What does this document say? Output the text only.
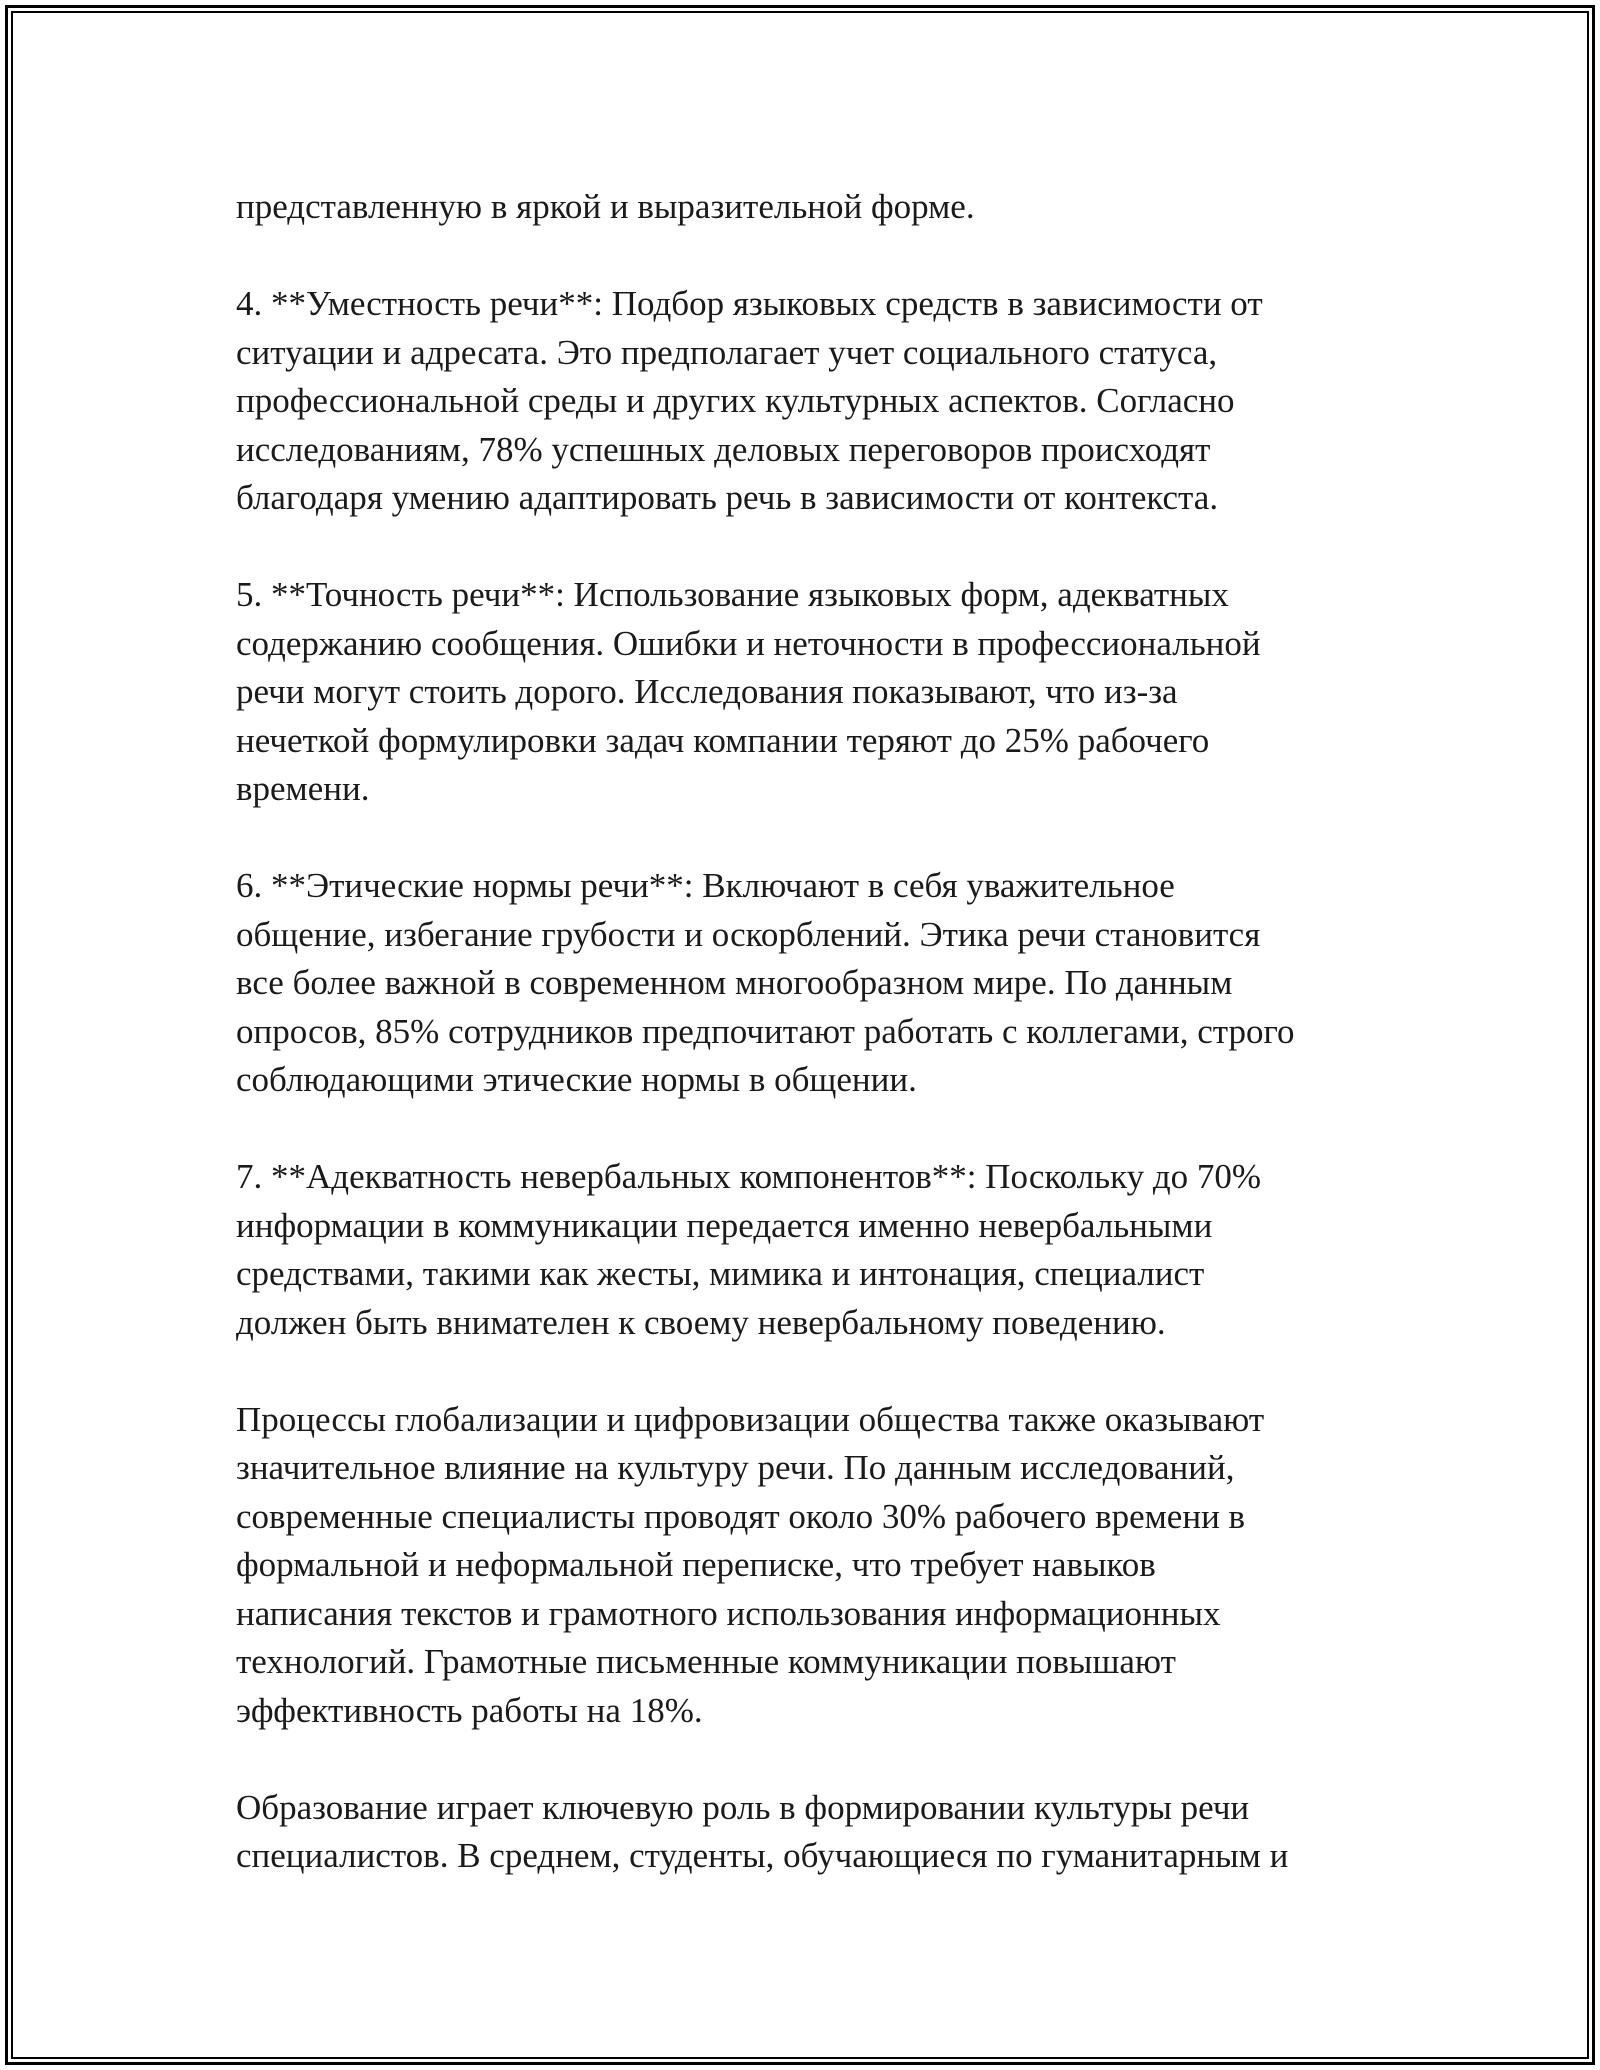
представленную в яркой и выразительной форме.

4. **Уместность речи**: Подбор языковых средств в зависимости от
ситуации и адресата. Это предполагает учет социального статуса,
профессиональной среды и других культурных аспектов. Согласно
исследованиям, 78% успешных деловых переговоров происходят
благодаря умению адаптировать речь в зависимости от контекста.

5. **Точность речи**: Использование языковых форм, адекватных
содержанию сообщения. Ошибки и неточности в профессиональной
речи могут стоить дорого. Исследования показывают, что из-за
нечеткой формулировки задач компании теряют до 25% рабочего
времени.

6. **Этические нормы речи**: Включают в себя уважительное
общение, избегание грубости и оскорблений. Этика речи становится
все более важной в современном многообразном мире. По данным
опросов, 85% сотрудников предпочитают работать с коллегами, строго
соблюдающими этические нормы в общении.

7. **Адекватность невербальных компонентов**: Поскольку до 70%
информации в коммуникации передается именно невербальными
средствами, такими как жесты, мимика и интонация, специалист
должен быть внимателен к своему невербальному поведению.

Процессы глобализации и цифровизации общества также оказывают
значительное влияние на культуру речи. По данным исследований,
современные специалисты проводят около 30% рабочего времени в
формальной и неформальной переписке, что требует навыков
написания текстов и грамотного использования информационных
технологий. Грамотные письменные коммуникации повышают
эффективность работы на 18%.

Образование играет ключевую роль в формировании культуры речи
специалистов. В среднем, студенты, обучающиеся по гуманитарным и
